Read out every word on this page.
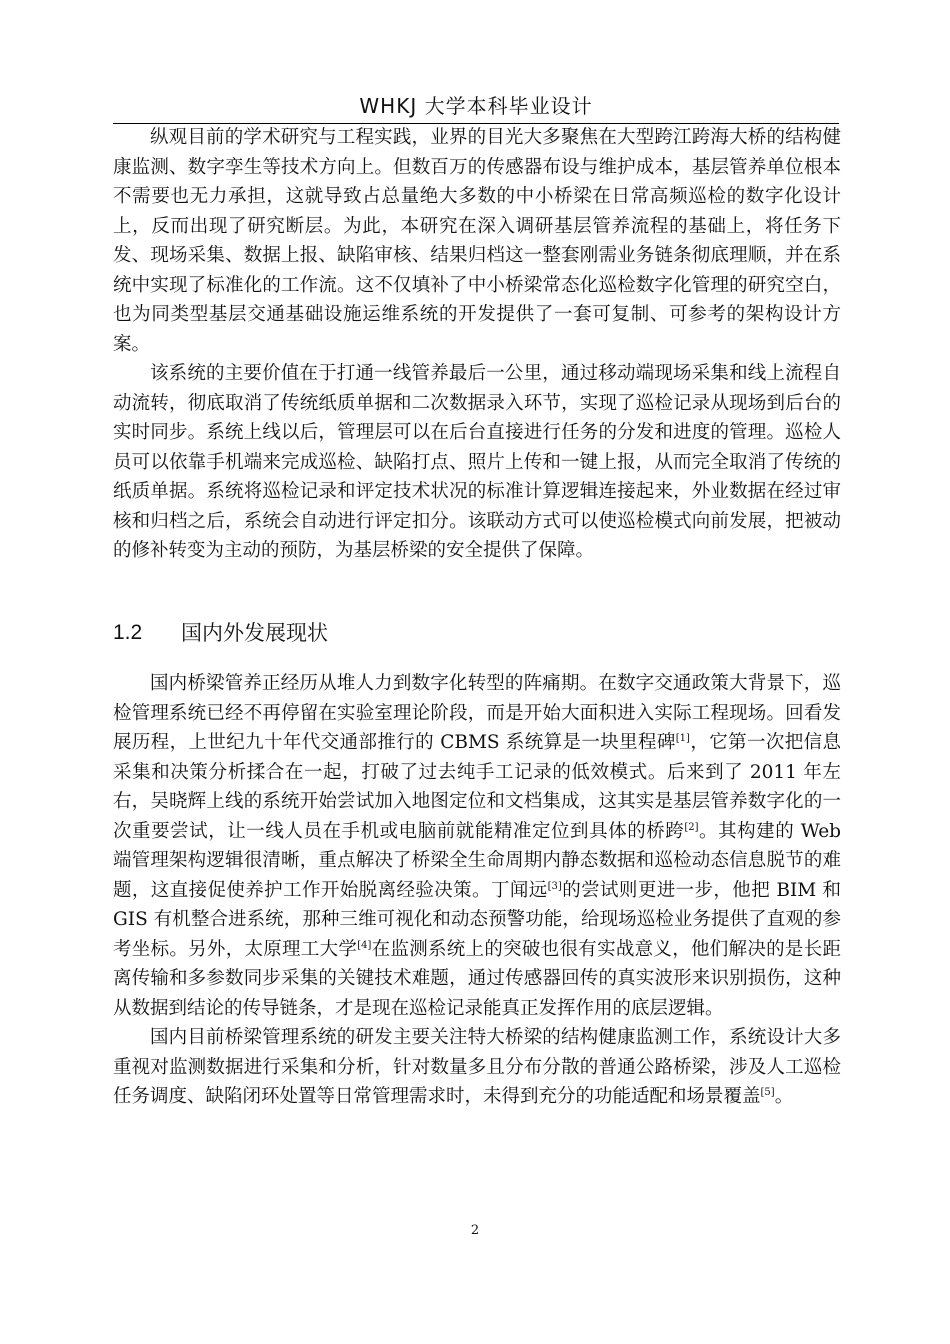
WHKJ 大学本科毕业设计

纵观目前的学术研究与工程实践，业界的目光大多聚焦在大型跨江跨海大桥的结构健康监测、数字孪生等技术方向上。但数百万的传感器布设与维护成本，基层管养单位根本不需要也无力承担，这就导致占总量绝大多数的中小桥梁在日常高频巡检的数字化设计上，反而出现了研究断层。为此，本研究在深入调研基层管养流程的基础上，将任务下发、现场采集、数据上报、缺陷审核、结果归档这一整套刚需业务链条彻底理顺，并在系统中实现了标准化的工作流。这不仅填补了中小桥梁常态化巡检数字化管理的研究空白，也为同类型基层交通基础设施运维系统的开发提供了一套可复制、可参考的架构设计方案。

该系统的主要价值在于打通一线管养最后一公里，通过移动端现场采集和线上流程自动流转，彻底取消了传统纸质单据和二次数据录入环节，实现了巡检记录从现场到后台的实时同步。系统上线以后，管理层可以在后台直接进行任务的分发和进度的管理。巡检人员可以依靠手机端来完成巡检、缺陷打点、照片上传和一键上报，从而完全取消了传统的纸质单据。系统将巡检记录和评定技术状况的标准计算逻辑连接起来，外业数据在经过审核和归档之后，系统会自动进行评定扣分。该联动方式可以使巡检模式向前发展，把被动的修补转变为主动的预防，为基层桥梁的安全提供了保障。

1.2	国内外发展现状

国内桥梁管养正经历从堆人力到数字化转型的阵痛期。在数字交通政策大背景下，巡检管理系统已经不再停留在实验室理论阶段，而是开始大面积进入实际工程现场。回看发展历程，上世纪九十年代交通部推行的 CBMS 系统算是一块里程碑[1]，它第一次把信息采集和决策分析揉合在一起，打破了过去纯手工记录的低效模式。后来到了 2011 年左右，吴晓辉上线的系统开始尝试加入地图定位和文档集成，这其实是基层管养数字化的一次重要尝试，让一线人员在手机或电脑前就能精准定位到具体的桥跨[2]。其构建的 Web 端管理架构逻辑很清晰，重点解决了桥梁全生命周期内静态数据和巡检动态信息脱节的难题，这直接促使养护工作开始脱离经验决策。丁闻远[3]的尝试则更进一步，他把 BIM 和 GIS 有机整合进系统，那种三维可视化和动态预警功能，给现场巡检业务提供了直观的参考坐标。另外，太原理工大学[4]在监测系统上的突破也很有实战意义，他们解决的是长距离传输和多参数同步采集的关键技术难题，通过传感器回传的真实波形来识别损伤，这种从数据到结论的传导链条，才是现在巡检记录能真正发挥作用的底层逻辑。

国内目前桥梁管理系统的研发主要关注特大桥梁的结构健康监测工作，系统设计大多重视对监测数据进行采集和分析，针对数量多且分布分散的普通公路桥梁，涉及人工巡检任务调度、缺陷闭环处置等日常管理需求时，未得到充分的功能适配和场景覆盖[5]。

2
